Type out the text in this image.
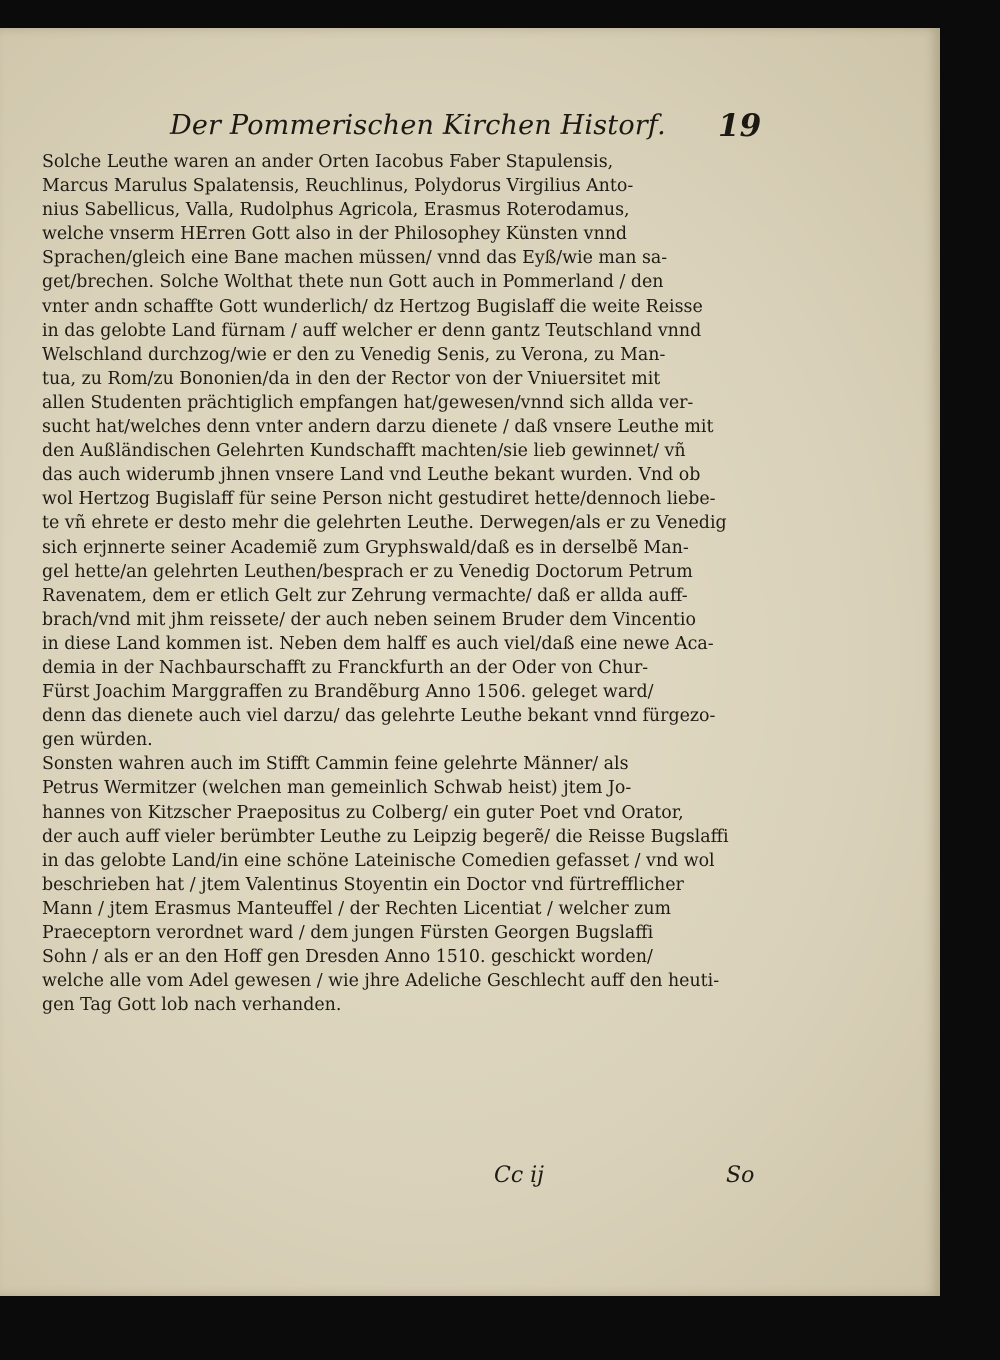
Der Pommerischen Kirchen Historf. 19
Solche Leuthe waren an ander Orten Iacobus Faber Stapulensis,
Marcus Marulus Spalatensis, Reuchlinus, Polydorus Virgilius Anto-
nius Sabellicus, Valla, Rudolphus Agricola, Erasmus Roterodamus,
welche vnserm HErren Gott also in der Philosophey Künsten vnnd
Sprachen/gleich eine Bane machen müssen/ vnnd das Eyß/wie man sa-
get/brechen. Solche Wolthat thete nun Gott auch in Pommerland / den
vnter andn schaffte Gott wunderlich/ dz Hertzog Bugislaff die weite Reisse
in das gelobte Land fürnam / auff welcher er denn gantz Teutschland vnnd
Welschland durchzog/wie er den zu Venedig Senis, zu Verona, zu Man-
tua, zu Rom/zu Bononien/da in den der Rector von der Vniuersitet mit
allen Studenten prächtiglich empfangen hat/gewesen/vnnd sich allda ver-
sucht hat/welches denn vnter andern darzu dienete / daß vnsere Leuthe mit
den Außländischen Gelehrten Kundschafft machten/sie lieb gewinnet/ vñ
das auch widerumb jhnen vnsere Land vnd Leuthe bekant wurden. Vnd ob
wol Hertzog Bugislaff für seine Person nicht gestudiret hette/dennoch liebe-
te vñ ehrete er desto mehr die gelehrten Leuthe. Derwegen/als er zu Venedig
sich erjnnerte seiner Academiẽ zum Gryphswald/daß es in derselbẽ Man-
gel hette/an gelehrten Leuthen/besprach er zu Venedig Doctorum Petrum
Ravenatem, dem er etlich Gelt zur Zehrung vermachte/ daß er allda auff-
brach/vnd mit jhm reissete/ der auch neben seinem Bruder dem Vincentio
in diese Land kommen ist. Neben dem halff es auch viel/daß eine newe Aca-
demia in der Nachbaurschafft zu Franckfurth an der Oder von Chur-
Fürst Joachim Marggraffen zu Brandẽburg Anno 1506. geleget ward/
denn das dienete auch viel darzu/ das gelehrte Leuthe bekant vnnd fürgezo-
gen würden.
Sonsten wahren auch im Stifft Cammin feine gelehrte Männer/ als
Petrus Wermitzer (welchen man gemeinlich Schwab heist) jtem Jo-
hannes von Kitzscher Praepositus zu Colberg/ ein guter Poet vnd Orator,
der auch auff vieler berümbter Leuthe zu Leipzig begerẽ/ die Reisse Bugslaffi
in das gelobte Land/in eine schöne Lateinische Comedien gefasset / vnd wol
beschrieben hat / jtem Valentinus Stoyentin ein Doctor vnd fürtrefflicher
Mann / jtem Erasmus Manteuffel / der Rechten Licentiat / welcher zum
Praeceptorn verordnet ward / dem jungen Fürsten Georgen Bugslaffi
Sohn / als er an den Hoff gen Dresden Anno 1510. geschickt worden/
welche alle vom Adel gewesen / wie jhre Adeliche Geschlecht auff den heuti-
gen Tag Gott lob nach verhanden.
Cc ij	So
